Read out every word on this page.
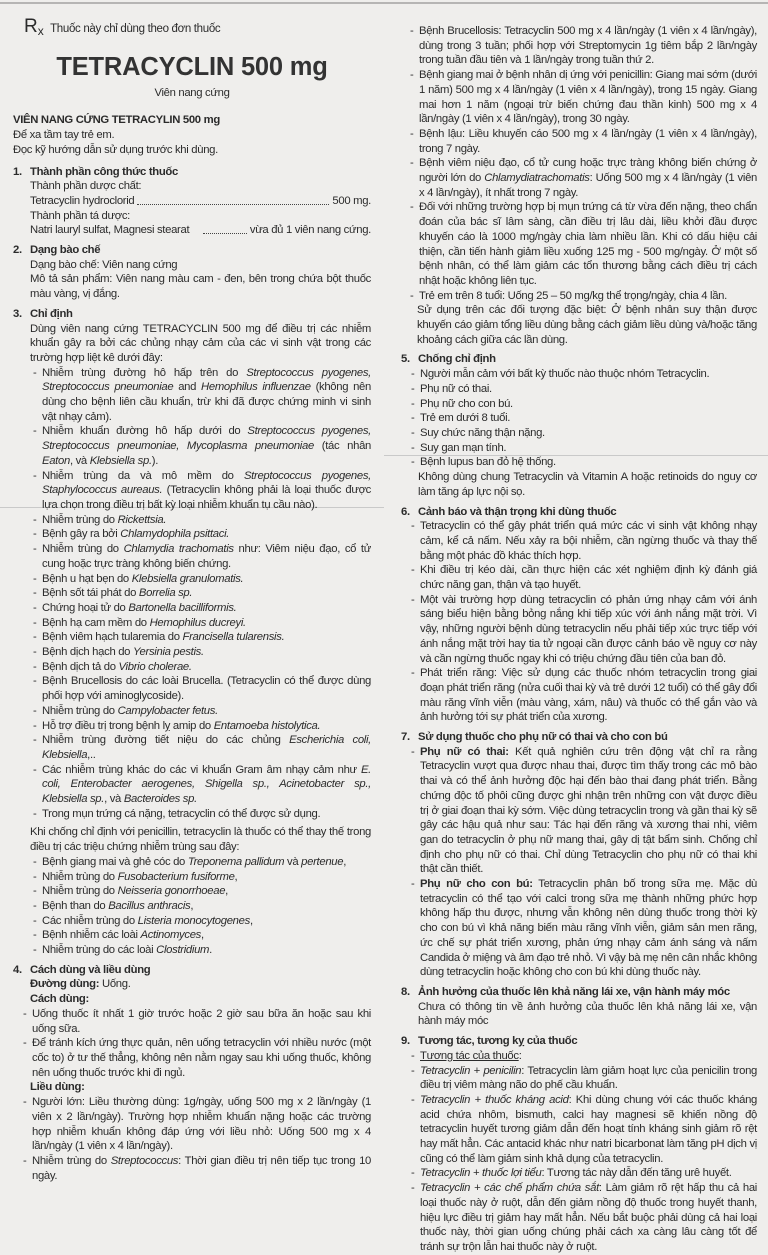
Rx Thuốc này chỉ dùng theo đơn thuốc
TETRACYCLIN 500 mg
Viên nang cứng
VIÊN NANG CỨNG TETRACYLIN 500 mg

Để xa tầm tay trẻ em.

Đọc kỹ hướng dẫn sử dụng trước khi dùng.

1. Thành phần công thức thuốc

Thành phần dược chất:

Tetracyclin hydroclorid	500 mg.

Thành phần tá dược:

Natri lauryl sulfat, Magnesi stearat	vừa đủ 1 viên nang cứng.
2. Dạng bào chế

Dạng bào chế: Viên nang cứng

Mô tả sản phẩm: Viên nang màu cam - đen, bên trong chứa bột thuốc màu vàng, vị đắng.

3. Chỉ định

Dùng viên nang cứng TETRACYCLIN 500 mg để điều trị các nhiễm khuẩn gây ra bởi các chủng nhạy cảm của các vi sinh vật trong các trường hợp liệt kê dưới đây:

- Nhiễm trùng đường hô hấp trên do Streptococcus pyogenes, Streptococcus pneumoniae and Hemophilus influenzae (không nên dùng cho bệnh liên cầu khuẩn, trừ khi đã được chứng minh vi sinh vật nhạy cảm).
- Nhiễm khuẩn đường hô hấp dưới do Streptococcus pyogenes, Streptococcus pneumoniae, Mycoplasma pneumoniae (tác nhân Eaton, và Klebsiella sp.).
- Nhiễm trùng da và mô mềm do Streptococcus pyogenes, Staphylococcus aureaus. (Tetracyclin không phải là loại thuốc được lựa chọn trong điều trị bất kỳ loại nhiễm khuẩn tụ cầu nào).
- Nhiễm trùng do Rickettsia.
- Bệnh gây ra bởi Chlamydophila psittaci.
- Nhiễm trùng do Chlamydia trachomatis như: Viêm niệu đạo, cổ tử cung hoặc trực tràng không biến chứng.
- Bệnh u hạt bẹn do Klebsiella granulomatis.
- Bệnh sốt tái phát do Borrelia sp.
- Chứng hoại tử do Bartonella bacilliformis.
- Bệnh hạ cam mềm do Hemophilus ducreyi.
- Bệnh viêm hạch tularemia do Francisella tularensis.
- Bệnh dịch hạch do Yersinia pestis.
- Bệnh dịch tả do Vibrio cholerae.
- Bệnh Brucellosis do các loài Brucella. (Tetracyclin có thể được dùng phối hợp với aminoglycoside).
- Nhiễm trùng do Campylobacter fetus.
- Hỗ trợ điều trị trong bệnh lỵ amip do Entamoeba histolytica.
- Nhiễm trùng đường tiết niệu do các chủng Escherichia coli, Klebsiella,..
- Các nhiễm trùng khác do các vi khuẩn Gram âm nhạy cảm như E. coli, Enterobacter aerogenes, Shigella sp., Acinetobacter sp., Klebsiella sp., và Bacteroides sp.
- Trong mụn trứng cá nặng, tetracyclin có thể được sử dụng.

Khi chống chỉ định với penicillin, tetracyclin là thuốc có thể thay thế trong điều trị các triệu chứng nhiễm trùng sau đây:

- Bệnh giang mai và ghẻ cóc do Treponema pallidum và pertenue,
- Nhiễm trùng do Fusobacterium fusiforme,
- Nhiễm trùng do Neisseria gonorrhoeae,
- Bệnh than do Bacillus anthracis,
- Các nhiễm trùng do Listeria monocytogenes,
- Bệnh nhiễm các loài Actinomyces,
- Nhiễm trùng do các loài Clostridium.
4. Cách dùng và liều dùng

Đường dùng: Uống.

Cách dùng:
- Uống thuốc ít nhất 1 giờ trước hoặc 2 giờ sau bữa ăn hoặc sau khi uống sữa.
- Để tránh kích ứng thực quản, nên uống tetracyclin với nhiều nước (một cốc to) ở tư thế thẳng, không nên nằm ngay sau khi uống thuốc, không nên uống thuốc trước khi đi ngủ.
Liều dùng:
- Người lớn: Liều thường dùng: 1g/ngày, uống 500 mg x 2 lần/ngày (1 viên x 2 lần/ngày). Trường hợp nhiễm khuẩn nặng hoặc các trường hợp nhiễm khuẩn không đáp ứng với liều nhỏ: Uống 500 mg x 4 lần/ngày (1 viên x 4 lần/ngày).
- Nhiễm trùng do Streptococcus: Thời gian điều trị nên tiếp tục trong 10 ngày.
- Bệnh Brucellosis: Tetracyclin 500 mg x 4 lần/ngày (1 viên x 4 lần/ngày), dùng trong 3 tuần; phối hợp với Streptomycin 1g tiêm bắp 2 lần/ngày trong tuần đầu tiên và 1 lần/ngày trong tuần thứ 2.
- Bệnh giang mai ở bệnh nhân dị ứng với penicillin: Giang mai sớm (dưới 1 năm) 500 mg x 4 lần/ngày (1 viên x 4 lần/ngày), trong 15 ngày. Giang mai hơn 1 năm (ngoại trừ biến chứng đau thần kinh) 500 mg x 4 lần/ngày (1 viên x 4 lần/ngày), trong 30 ngày.
- Bệnh lậu: Liều khuyến cáo 500 mg x 4 lần/ngày (1 viên x 4 lần/ngày), trong 7 ngày.
- Bệnh viêm niệu đạo, cổ tử cung hoặc trực tràng không biến chứng ở người lớn do Chlamydiatrachomatis: Uống 500 mg x 4 lần/ngày (1 viên x 4 lần/ngày), ít nhất trong 7 ngày.
- Đối với những trường hợp bị mụn trứng cá từ vừa đến nặng, theo chẩn đoán của bác sĩ lâm sàng, cần điều trị lâu dài, liều khởi đầu được khuyến cáo là 1000 mg/ngày chia làm nhiều lần. Khi có dấu hiệu cải thiện, cần tiến hành giảm liều xuống 125 mg - 500 mg/ngày. Ở một số bệnh nhân, có thể làm giảm các tổn thương bằng cách điều trị cách nhật hoặc không liên tục.
- Trẻ em trên 8 tuổi: Uống 25 – 50 mg/kg thể trọng/ngày, chia 4 lần.

Sử dụng trên các đối tượng đặc biệt: Ở bệnh nhân suy thận được khuyến cáo giảm tổng liều dùng bằng cách giảm liều dùng và/hoặc tăng khoảng cách giữa các lần dùng.

5. Chống chỉ định
- Người mẫn cảm với bất kỳ thuốc nào thuộc nhóm Tetracyclin.
- Phụ nữ có thai.
- Phụ nữ cho con bú.
- Trẻ em dưới 8 tuổi.
- Suy chức năng thận nặng.
- Suy gan mạn tính.
- Bệnh lupus ban đỏ hệ thống.

Không dùng chung Tetracyclin và Vitamin A hoặc retinoids do nguy cơ làm tăng áp lực nội sọ.

6. Cảnh báo và thận trọng khi dùng thuốc
- Tetracyclin có thể gây phát triển quá mức các vi sinh vật không nhạy cảm, kể cả nấm. Nếu xảy ra bội nhiễm, cần ngừng thuốc và thay thế bằng một phác đồ khác thích hợp.
- Khi điều trị kéo dài, cần thực hiện các xét nghiệm định kỳ đánh giá chức năng gan, thận và tạo huyết.
- Một vài trường hợp dùng tetracyclin có phản ứng nhạy cảm với ánh sáng biểu hiện bằng bỏng nắng khi tiếp xúc với ánh nắng mặt trời. Vì vậy, những người bệnh dùng tetracyclin nếu phải tiếp xúc trực tiếp với ánh nắng mặt trời hay tia tử ngoại cần được cảnh báo về nguy cơ này và cần ngừng thuốc ngay khi có triệu chứng đầu tiên của ban đỏ.
- Phát triển răng: Việc sử dụng các thuốc nhóm tetracyclin trong giai đoạn phát triển răng (nửa cuối thai kỳ và trẻ dưới 12 tuổi) có thể gây đổi màu răng vĩnh viễn (màu vàng, xám, nâu) và thuốc có thể gắn vào và ảnh hưởng tới sự phát triển của xương.
7. Sử dụng thuốc cho phụ nữ có thai và cho con bú
- Phụ nữ có thai: Kết quả nghiên cứu trên động vật chỉ ra rằng Tetracyclin vượt qua được nhau thai, được tìm thấy trong các mô bào thai và có thể ảnh hưởng độc hại đến bào thai đang phát triển. Bằng chứng độc tố phôi cũng được ghi nhận trên những con vật được điều trị ở giai đoạn thai kỳ sớm. Việc dùng tetracyclin trong và gần thai kỳ sẽ gây các hậu quả như sau: Tác hại đến răng và xương thai nhi, viêm gan do tetracyclin ở phụ nữ mang thai, gây dị tật bẩm sinh. Chống chỉ định cho phụ nữ có thai. Chỉ dùng Tetracyclin cho phụ nữ có thai khi thật cần thiết.
- Phụ nữ cho con bú: Tetracyclin phân bố trong sữa mẹ. Mặc dù tetracyclin có thể tạo với calci trong sữa mẹ thành những phức hợp không hấp thu được, nhưng vẫn không nên dùng thuốc trong thời kỳ cho con bú vì khả năng biến màu răng vĩnh viễn, giảm sản men răng, ức chế sự phát triển xương, phản ứng nhạy cảm ánh sáng và nấm Candida ở miệng và âm đạo trẻ nhỏ. Vì vậy bà mẹ nên cân nhắc không dùng tetracyclin hoặc không cho con bú khi dùng thuốc này.
8. Ảnh hưởng của thuốc lên khả năng lái xe, vận hành máy móc

Chưa có thông tin về ảnh hưởng của thuốc lên khả năng lái xe, vận hành máy móc

9. Tương tác, tương kỵ của thuốc
- Tương tác của thuốc:
- Tetracyclin + penicilin: Tetracyclin làm giảm hoạt lực của penicilin trong điều trị viêm màng não do phế cầu khuẩn.
- Tetracyclin + thuốc kháng acid: Khi dùng chung với các thuốc kháng acid chứa nhôm, bismuth, calci hay magnesi sẽ khiến nồng độ tetracyclin huyết tương giảm dẫn đến hoạt tính kháng sinh giảm rõ rệt hay mất hẳn. Các antacid khác như natri bicarbonat làm tăng pH dịch vị cũng có thể làm giảm sinh khả dụng của tetracyclin.
- Tetracyclin + thuốc lợi tiểu: Tương tác này dẫn đến tăng urê huyết.
- Tetracyclin + các chế phẩm chứa sắt: Làm giảm rõ rệt hấp thu cả hai loại thuốc này ở ruột, dẫn đến giảm nồng độ thuốc trong huyết thanh, hiệu lực điều trị giảm hay mất hẳn. Nếu bắt buộc phải dùng cả hai loại thuốc này, thời gian uống chúng phải cách xa càng lâu càng tốt để tránh sự trộn lẫn hai thuốc này ở ruột.
